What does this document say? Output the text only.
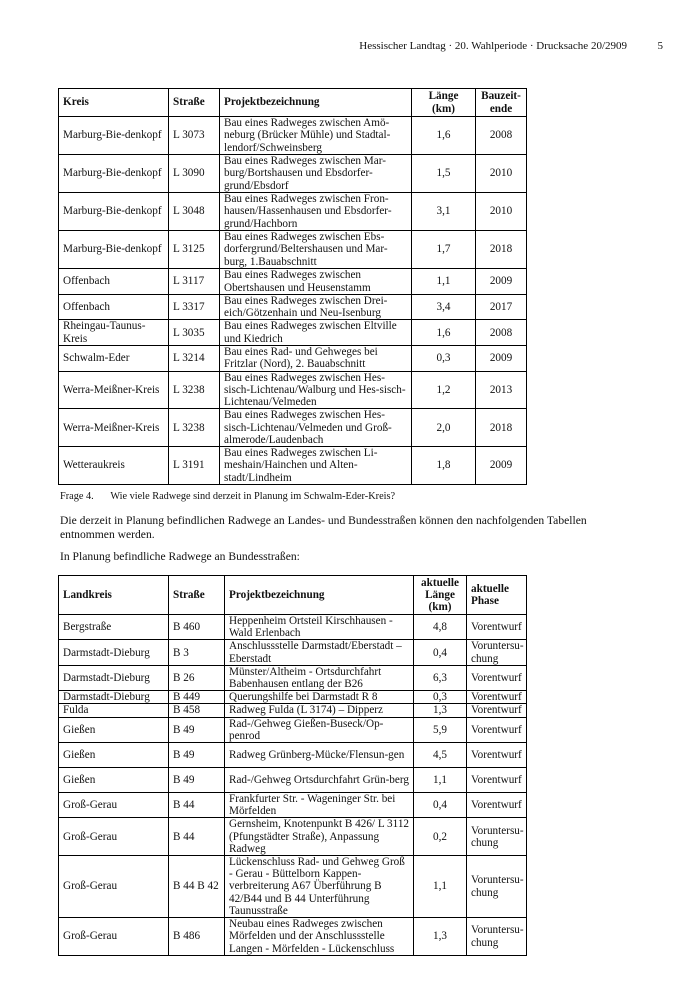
Hessischer Landtag · 20. Wahlperiode · Drucksache 20/2909	5
Kreis	Straße	Projektbezeichnung	Länge (km)	Bauzeit-ende
Marburg-Bie-denkopf	L 3073	Bau eines Radweges zwischen Amö-neburg (Brücker Mühle) und Stadtal-lendorf/Schweinsberg	1,6	2008
Marburg-Bie-denkopf	L 3090	Bau eines Radweges zwischen Mar-burg/Bortshausen und Ebsdorfer-grund/Ebsdorf	1,5	2010
Marburg-Bie-denkopf	L 3048	Bau eines Radweges zwischen Fron-hausen/Hassenhausen und Ebsdorfer-grund/Hachborn	3,1	2010
Marburg-Bie-denkopf	L 3125	Bau eines Radweges zwischen Ebs-dorfergrund/Beltershausen und Mar-burg, 1.Bauabschnitt	1,7	2018
Offenbach	L 3117	Bau eines Radweges zwischen Obertshausen und Heusenstamm	1,1	2009
Offenbach	L 3317	Bau eines Radweges zwischen Drei-eich/Götzenhain und Neu-Isenburg	3,4	2017
Rheingau-Taunus-Kreis	L 3035	Bau eines Radweges zwischen Eltville und Kiedrich	1,6	2008
Schwalm-Eder	L 3214	Bau eines Rad- und Gehweges bei Fritzlar (Nord), 2. Bauabschnitt	0,3	2009
Werra-Meißner-Kreis	L 3238	Bau eines Radweges zwischen Hes-sisch-Lichtenau/Walburg und Hes-sisch-Lichtenau/Velmeden	1,2	2013
Werra-Meißner-Kreis	L 3238	Bau eines Radweges zwischen Hes-sisch-Lichtenau/Velmeden und Groß-almerode/Laudenbach	2,0	2018
Wetteraukreis	L 3191	Bau eines Radweges zwischen Li-meshain/Hainchen und Alten-stadt/Lindheim	1,8	2009
Frage 4. Wie viele Radwege sind derzeit in Planung im Schwalm-Eder-Kreis?
Die derzeit in Planung befindlichen Radwege an Landes- und Bundesstraßen können den nachfolgenden Tabellen entnommen werden.
In Planung befindliche Radwege an Bundesstraßen:
Landkreis	Straße	Projektbezeichnung	aktuelle Länge (km)	aktuelle Phase
Bergstraße	B 460	Heppenheim Ortsteil Kirschhausen - Wald Erlenbach	4,8	Vorentwurf
Darmstadt-Dieburg	B 3	Anschlussstelle Darmstadt/Eberstadt – Eberstadt	0,4	Voruntersu-chung
Darmstadt-Dieburg	B 26	Münster/Altheim - Ortsdurchfahrt Babenhausen entlang der B26	6,3	Vorentwurf
Darmstadt-Dieburg	B 449	Querungshilfe bei Darmstadt R 8	0,3	Vorentwurf
Fulda	B 458	Radweg Fulda (L 3174) – Dipperz	1,3	Vorentwurf
Gießen	B 49	Rad-/Gehweg Gießen-Buseck/Op-penrod	5,9	Vorentwurf
Gießen	B 49	Radweg Grünberg-Mücke/Flensun-gen	4,5	Vorentwurf
Gießen	B 49	Rad-/Gehweg Ortsdurchfahrt Grün-berg	1,1	Vorentwurf
Groß-Gerau	B 44	Frankfurter Str. - Wageninger Str. bei Mörfelden	0,4	Vorentwurf
Groß-Gerau	B 44	Gernsheim, Knotenpunkt B 426/ L 3112 (Pfungstädter Straße), Anpassung Radweg	0,2	Voruntersu-chung
Groß-Gerau	B 44 B 42	Lückenschluss Rad- und Gehweg Groß - Gerau - Büttelborn Kappen-verbreiterung A67 Überführung B 42/B44 und B 44 Unterführung Taunusstraße	1,1	Voruntersu-chung
Groß-Gerau	B 486	Neubau eines Radweges zwischen Mörfelden und der Anschlussstelle Langen - Mörfelden - Lückenschluss	1,3	Voruntersu-chung
